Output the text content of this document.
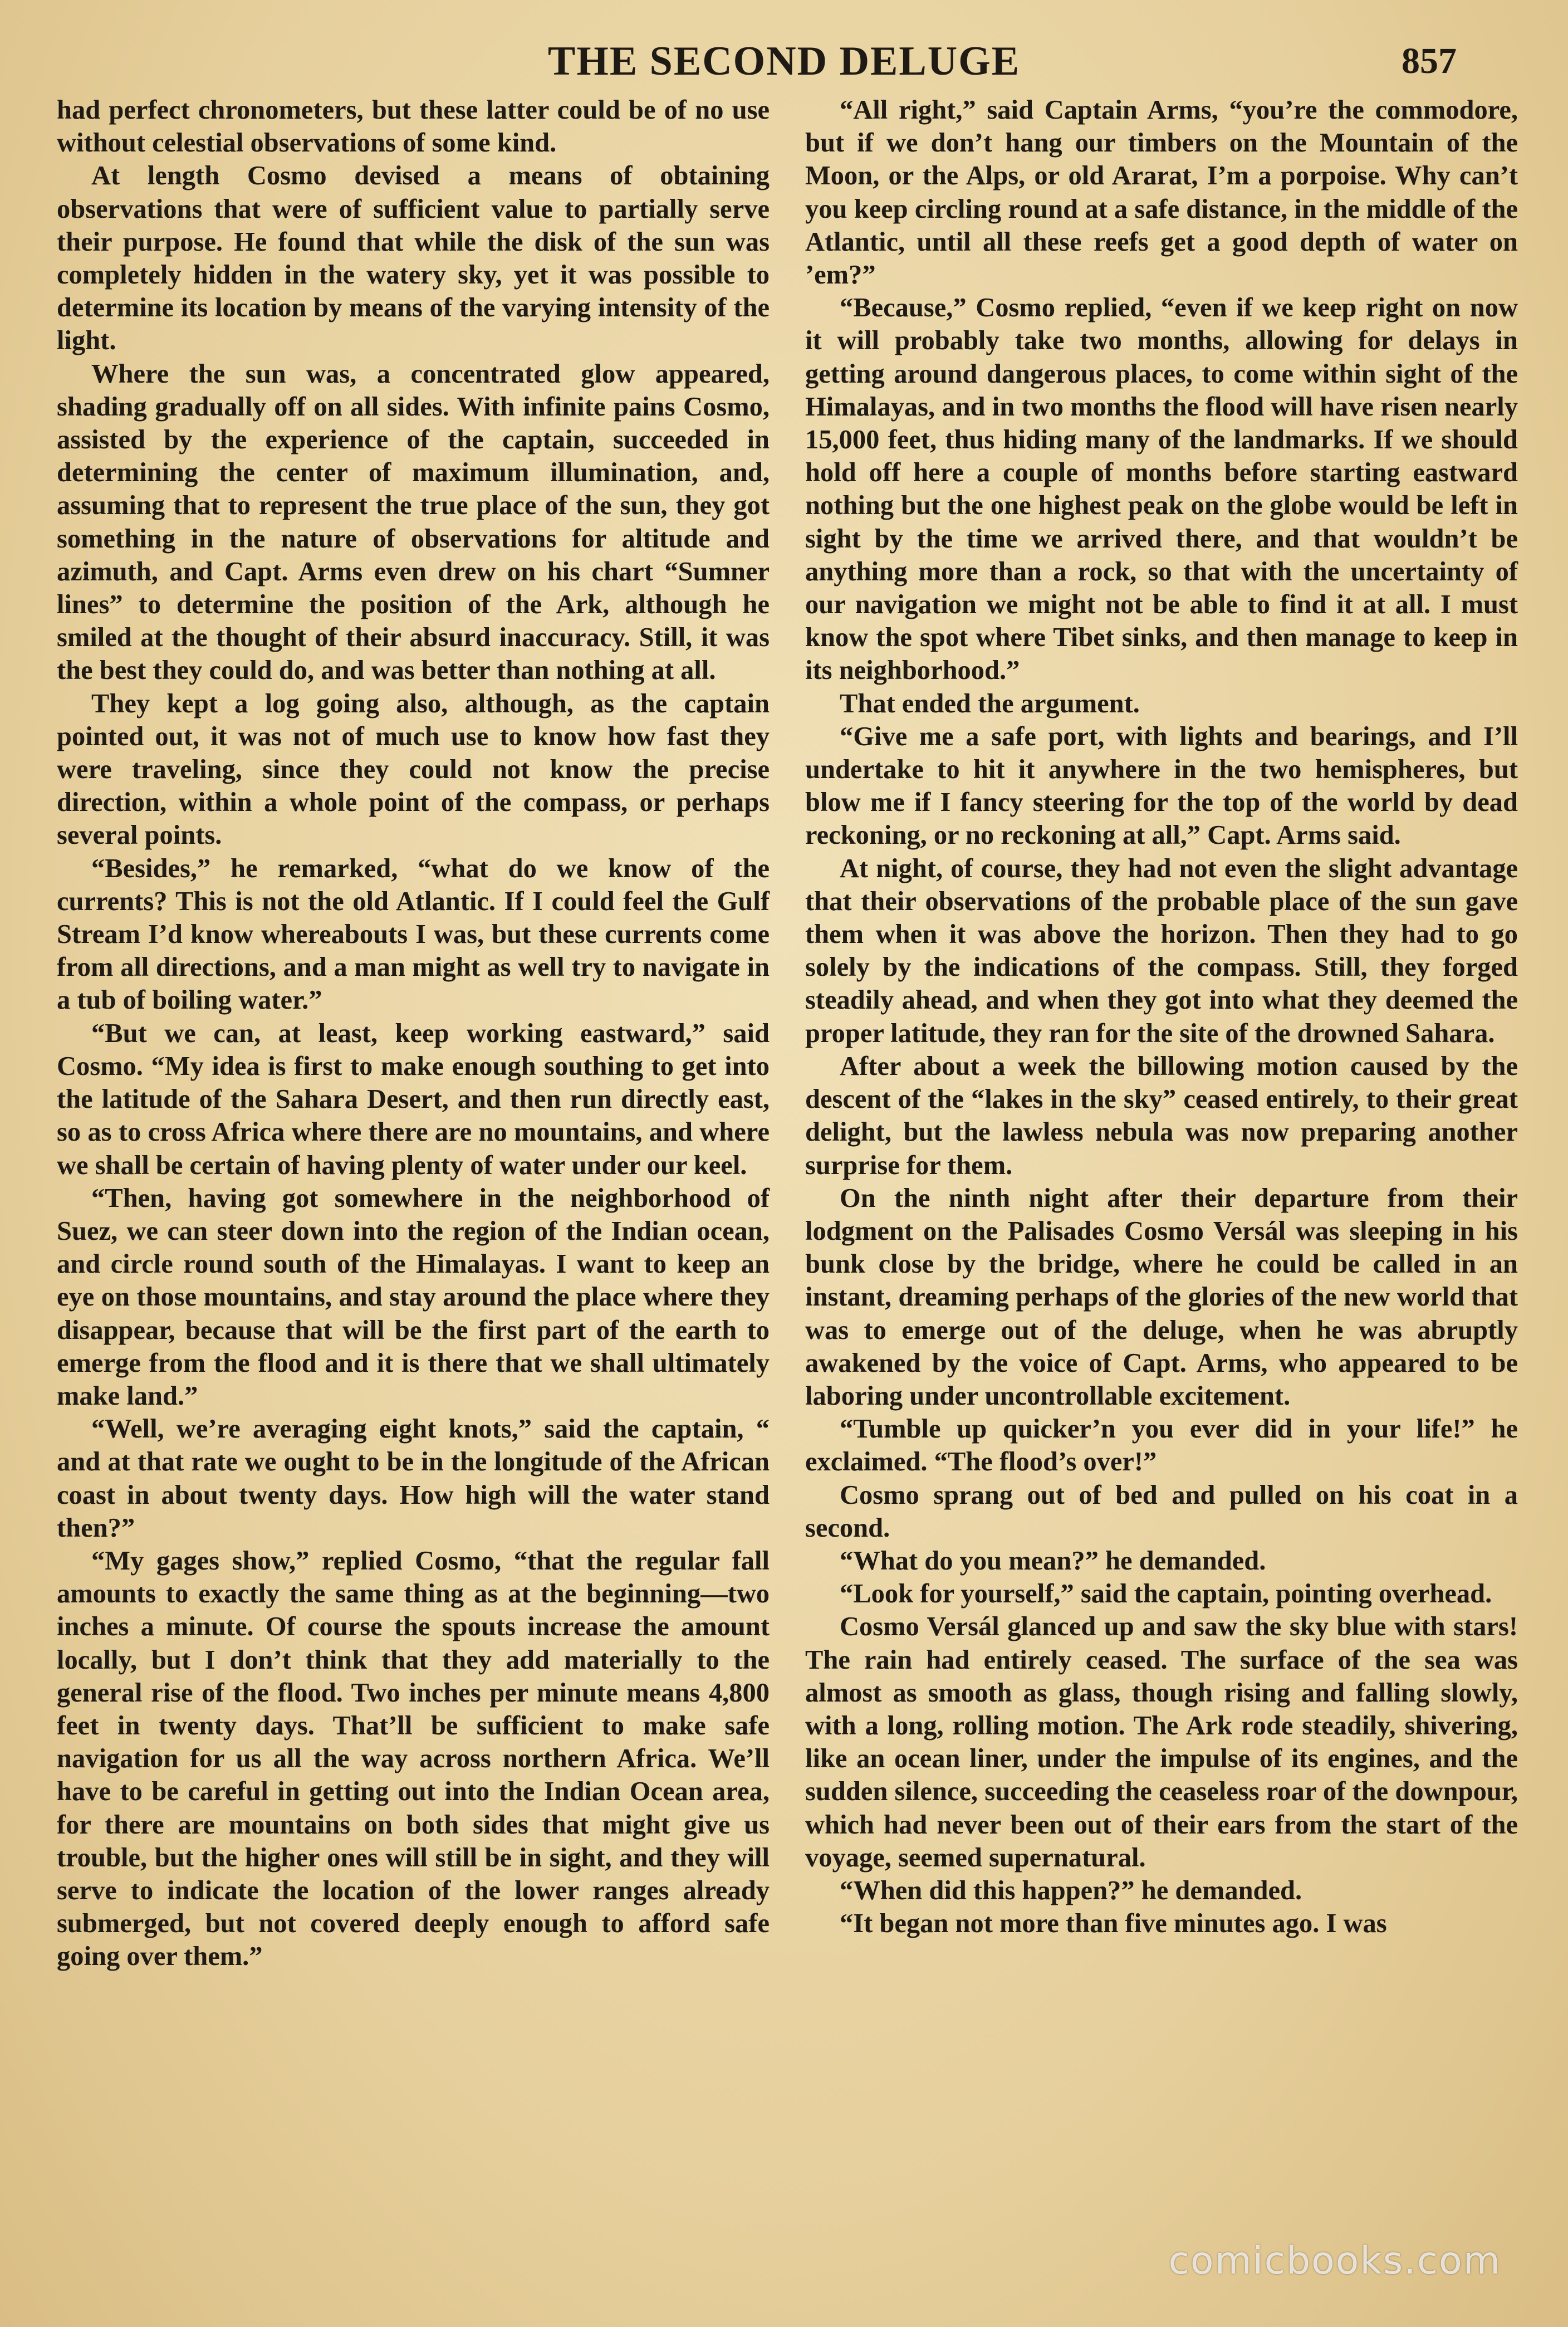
THE SECOND DELUGE	857

had perfect chronometers, but these latter could be of no use without celestial observations of some kind.

At length Cosmo devised a means of obtaining observations that were of sufficient value to partially serve their purpose. He found that while the disk of the sun was completely hidden in the watery sky, yet it was possible to determine its location by means of the varying intensity of the light.

Where the sun was, a concentrated glow appeared, shading gradually off on all sides. With infinite pains Cosmo, assisted by the experience of the captain, succeeded in determining the center of maximum illumination, and, assuming that to represent the true place of the sun, they got something in the nature of observations for altitude and azimuth, and Capt. Arms even drew on his chart “Sumner lines” to determine the position of the Ark, although he smiled at the thought of their absurd inaccuracy. Still, it was the best they could do, and was better than nothing at all.

They kept a log going also, although, as the captain pointed out, it was not of much use to know how fast they were traveling, since they could not know the precise direction, within a whole point of the compass, or perhaps several points.

“Besides,” he remarked, “what do we know of the currents? This is not the old Atlantic. If I could feel the Gulf Stream I’d know whereabouts I was, but these currents come from all directions, and a man might as well try to navigate in a tub of boiling water.”

“But we can, at least, keep working eastward,” said Cosmo. “My idea is first to make enough southing to get into the latitude of the Sahara Desert, and then run directly east, so as to cross Africa where there are no mountains, and where we shall be certain of having plenty of water under our keel.

“Then, having got somewhere in the neighborhood of Suez, we can steer down into the region of the Indian ocean, and circle round south of the Himalayas. I want to keep an eye on those mountains, and stay around the place where they disappear, because that will be the first part of the earth to emerge from the flood and it is there that we shall ultimately make land.”

“Well, we’re averaging eight knots,” said the captain, “ and at that rate we ought to be in the longitude of the African coast in about twenty days. How high will the water stand then?”

“My gages show,” replied Cosmo, “that the regular fall amounts to exactly the same thing as at the beginning—two inches a minute. Of course the spouts increase the amount locally, but I don’t think that they add materially to the general rise of the flood. Two inches per minute means 4,800 feet in twenty days. That’ll be sufficient to make safe navigation for us all the way across northern Africa. We’ll have to be careful in getting out into the Indian Ocean area, for there are mountains on both sides that might give us trouble, but the higher ones will still be in sight, and they will serve to indicate the location of the lower ranges already submerged, but not covered deeply enough to afford safe going over them.”

“All right,” said Captain Arms, “you’re the commodore, but if we don’t hang our timbers on the Mountain of the Moon, or the Alps, or old Ararat, I’m a porpoise. Why can’t you keep circling round at a safe distance, in the middle of the Atlantic, until all these reefs get a good depth of water on ’em?”

“Because,” Cosmo replied, “even if we keep right on now it will probably take two months, allowing for delays in getting around dangerous places, to come within sight of the Himalayas, and in two months the flood will have risen nearly 15,000 feet, thus hiding many of the landmarks. If we should hold off here a couple of months before starting eastward nothing but the one highest peak on the globe would be left in sight by the time we arrived there, and that wouldn’t be anything more than a rock, so that with the uncertainty of our navigation we might not be able to find it at all. I must know the spot where Tibet sinks, and then manage to keep in its neighborhood.”

That ended the argument.

“Give me a safe port, with lights and bearings, and I’ll undertake to hit it anywhere in the two hemispheres, but blow me if I fancy steering for the top of the world by dead reckoning, or no reckoning at all,” Capt. Arms said.

At night, of course, they had not even the slight advantage that their observations of the probable place of the sun gave them when it was above the horizon. Then they had to go solely by the indications of the compass. Still, they forged steadily ahead, and when they got into what they deemed the proper latitude, they ran for the site of the drowned Sahara.

After about a week the billowing motion caused by the descent of the “lakes in the sky” ceased entirely, to their great delight, but the lawless nebula was now preparing another surprise for them.

On the ninth night after their departure from their lodgment on the Palisades Cosmo Versál was sleeping in his bunk close by the bridge, where he could be called in an instant, dreaming perhaps of the glories of the new world that was to emerge out of the deluge, when he was abruptly awakened by the voice of Capt. Arms, who appeared to be laboring under uncontrollable excitement.

“Tumble up quicker’n you ever did in your life!” he exclaimed. “The flood’s over!”

Cosmo sprang out of bed and pulled on his coat in a second.

“What do you mean?” he demanded.

“Look for yourself,” said the captain, pointing overhead.

Cosmo Versál glanced up and saw the sky blue with stars! The rain had entirely ceased. The surface of the sea was almost as smooth as glass, though rising and falling slowly, with a long, rolling motion. The Ark rode steadily, shivering, like an ocean liner, under the impulse of its engines, and the sudden silence, succeeding the ceaseless roar of the downpour, which had never been out of their ears from the start of the voyage, seemed supernatural.

“When did this happen?” he demanded.

“It began not more than five minutes ago. I was

comicbooks.com
